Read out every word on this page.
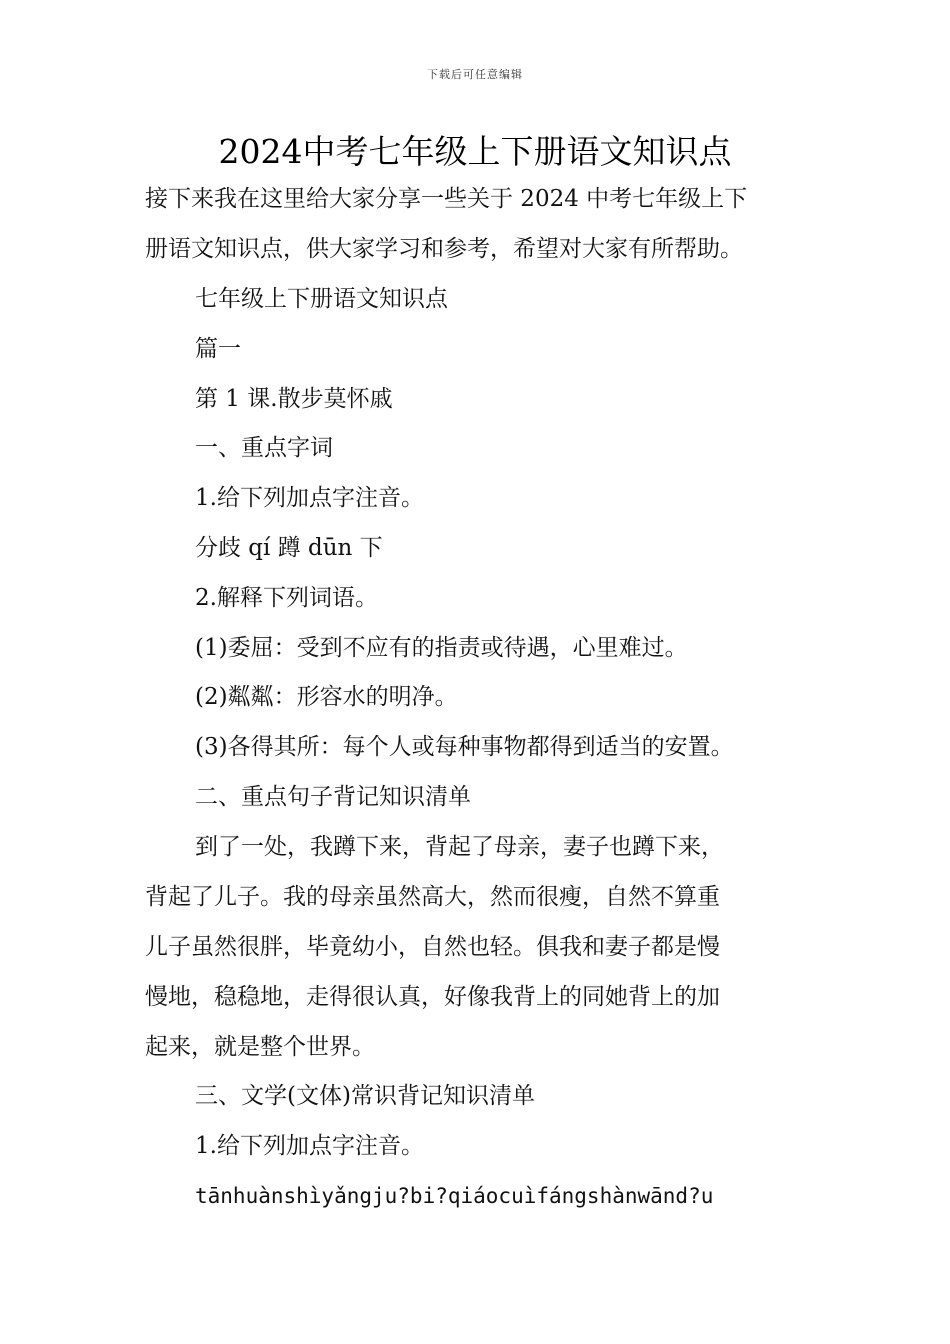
下载后可任意编辑
2024中考七年级上下册语文知识点
接下来我在这里给大家分享一些关于 2024 中考七年级上下
册语文知识点，供大家学习和参考，希望对大家有所帮助。
七年级上下册语文知识点
篇一
第 1 课.散步莫怀戚
一、重点字词
1.给下列加点字注音。
分歧 qí 蹲 dūn 下
2.解释下列词语。
(1)委屈：受到不应有的指责或待遇，心里难过。
(2)粼粼：形容水的明净。
(3)各得其所：每个人或每种事物都得到适当的安置。
二、重点句子背记知识清单
到了一处，我蹲下来，背起了母亲，妻子也蹲下来，
背起了儿子。我的母亲虽然高大，然而很瘦，自然不算重
儿子虽然很胖，毕竟幼小，自然也轻。俱我和妻子都是慢
慢地，稳稳地，走得很认真，好像我背上的同她背上的加
起来，就是整个世界。
三、文学(文体)常识背记知识清单
1.给下列加点字注音。
tānhuànshìyǎngju?bi?qiáocuìfángshànwānd?u
